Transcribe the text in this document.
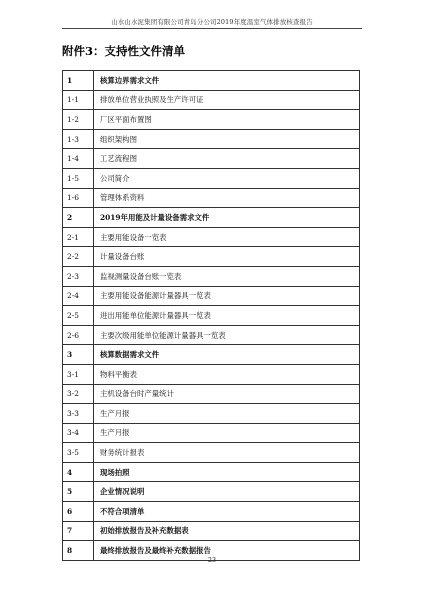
山水山水泥集团有限公司青岛分公司2019年度温室气体排放核查报告
附件3：支持性文件清单
1	核算边界需求文件
1-1	排放单位营业执照及生产许可证
1-2	厂区平面布置图
1-3	组织架构图
1-4	工艺流程图
1-5	公司简介
1-6	管理体系资料
2	2019年用能及计量设备需求文件
2-1	主要用能设备一览表
2-2	计量设备台账
2-3	监视测量设备台账一览表
2-4	主要用能设备能源计量器具一览表
2-5	进出用能单位能源计量器具一览表
2-6	主要次级用能单位能源计量器具一览表
3	核算数据需求文件
3-1	物料平衡表
3-2	主机设备台时产量统计
3-3	生产月报
3-4	生产月报
3-5	财务统计报表
4	现场拍照
5	企业情况说明
6	不符合项清单
7	初始排放报告及补充数据表
8	最终排放报告及最终补充数据报告
23
